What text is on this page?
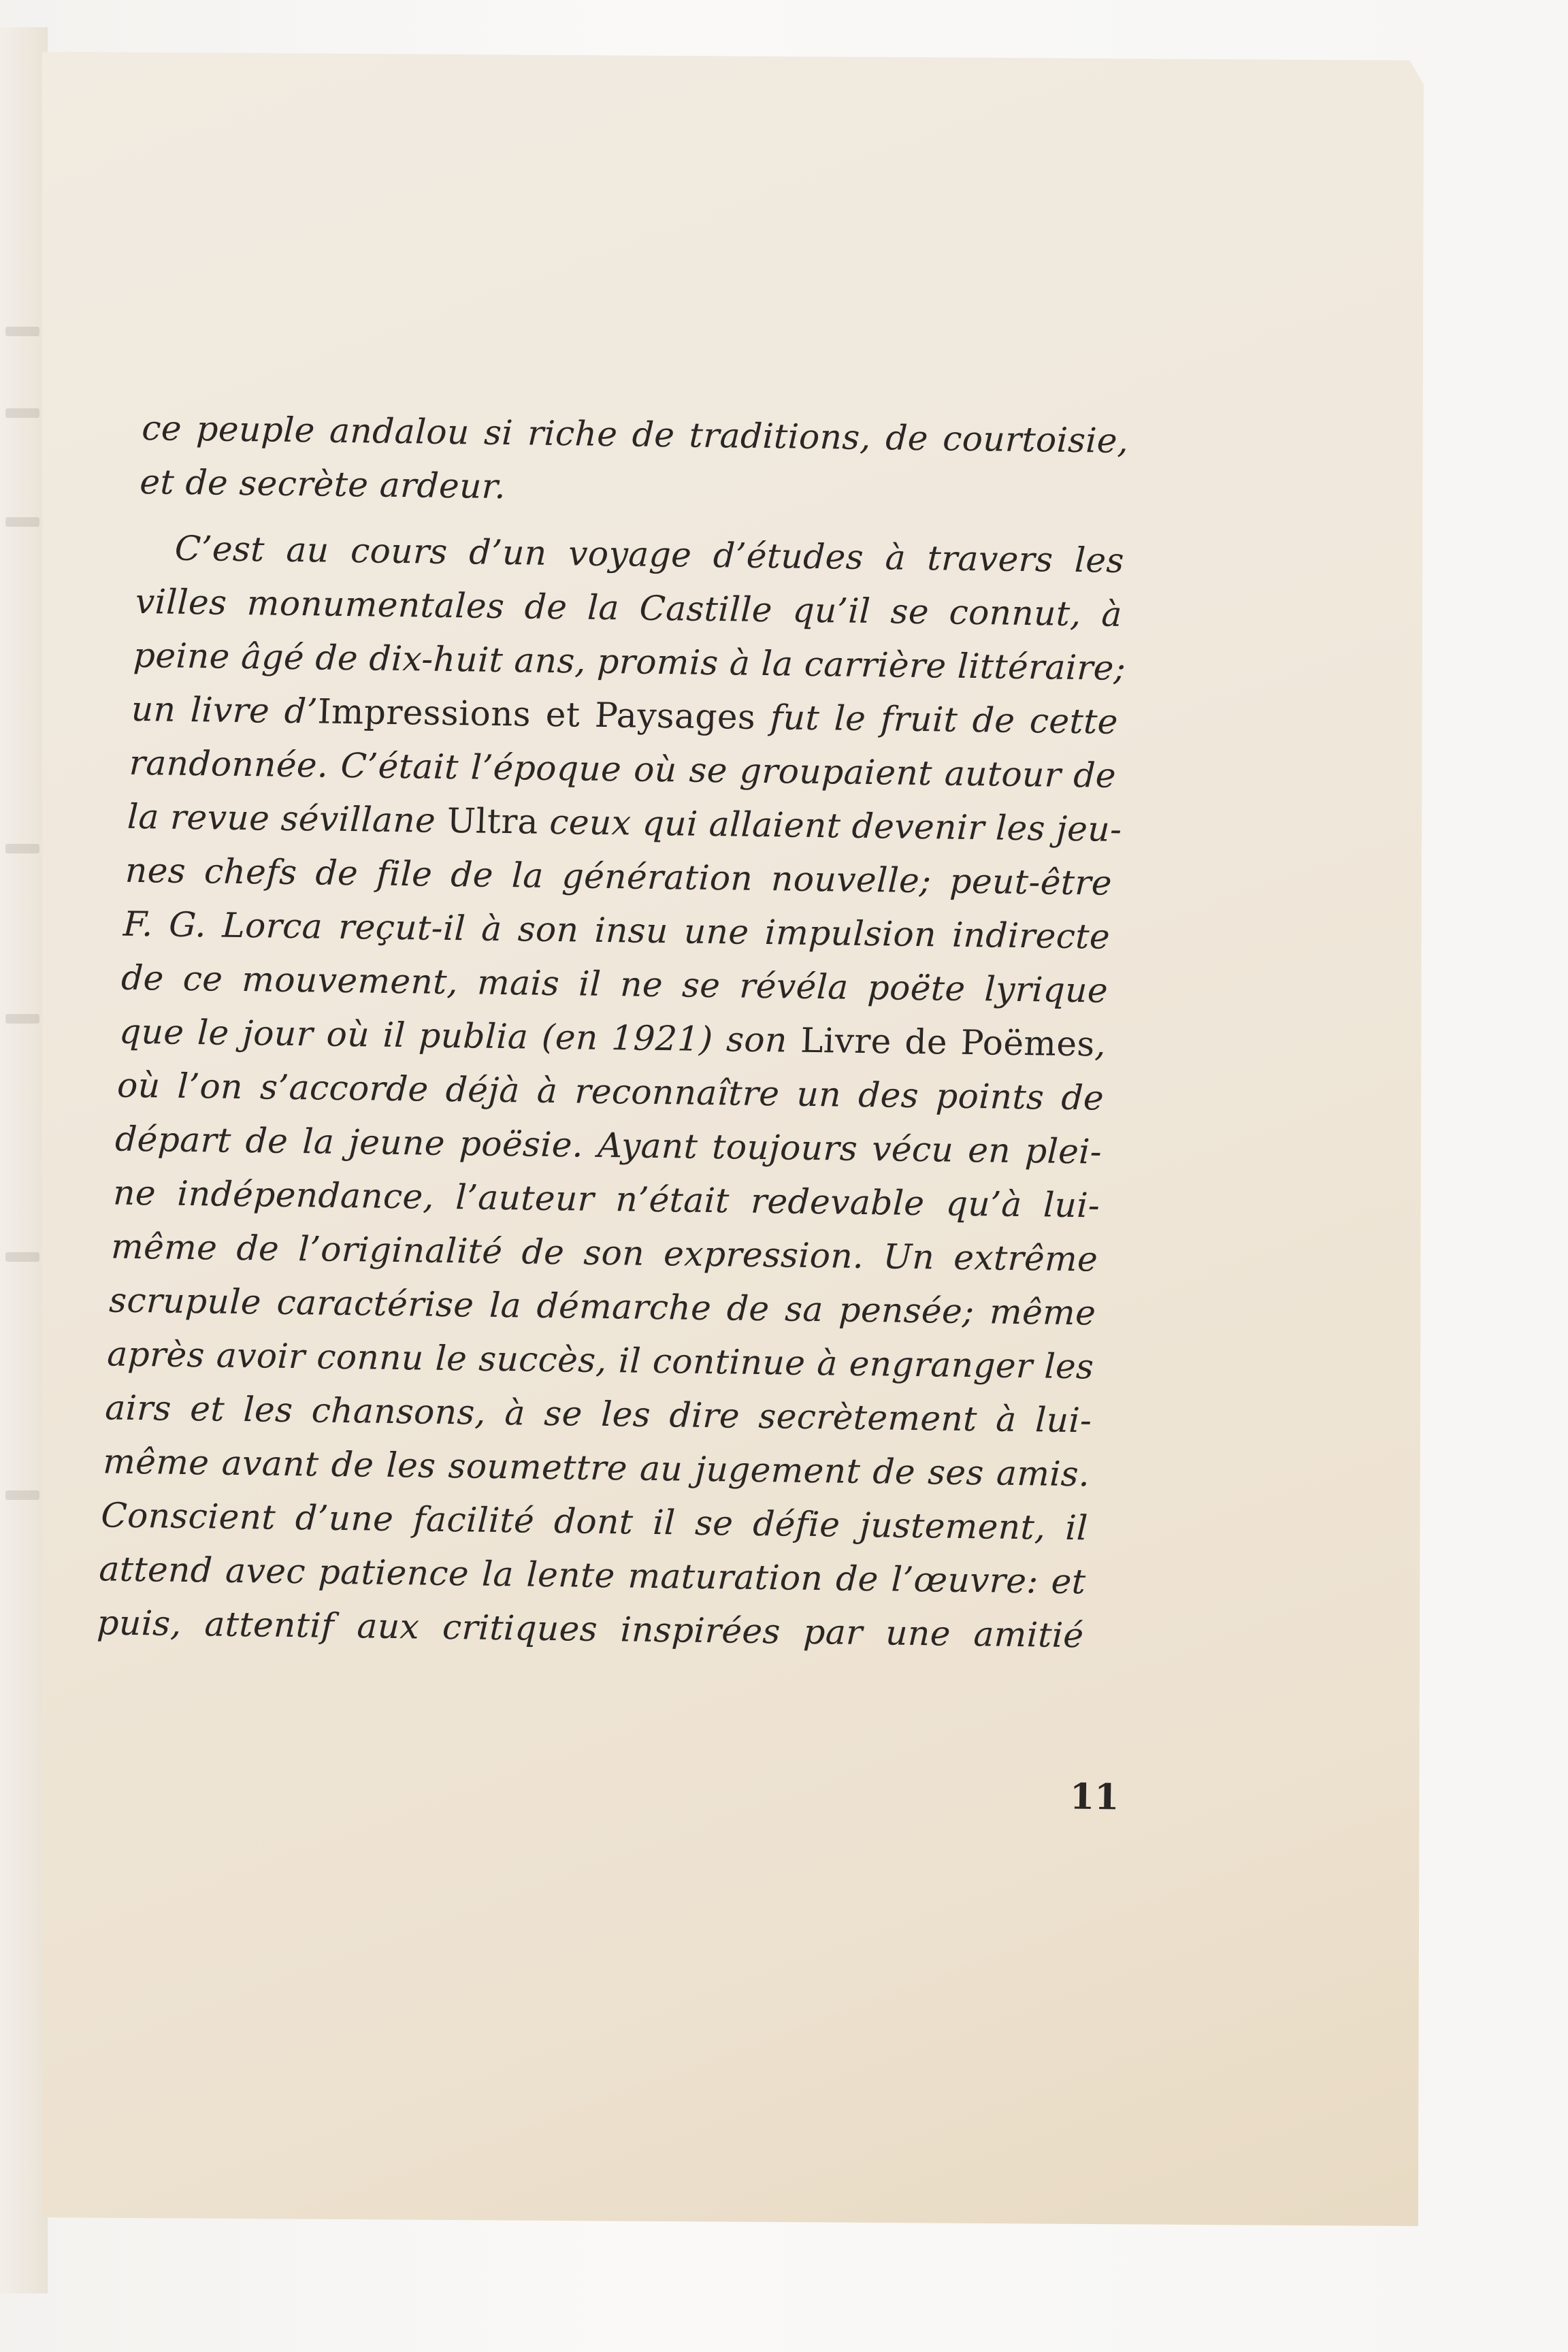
ce peuple andalou si riche de traditions, de courtoisie,
et de secrète ardeur.
C’est au cours d’un voyage d’études à travers les
villes monumentales de la Castille qu’il se connut, à
peine âgé de dix-huit ans, promis à la carrière littéraire;
un livre d’Impressions et Paysages fut le fruit de cette
randonnée. C’était l’époque où se groupaient autour de
la revue sévillane Ultra ceux qui allaient devenir les jeu-
nes chefs de file de la génération nouvelle; peut-être
F. G. Lorca reçut-il à son insu une impulsion indirecte
de ce mouvement, mais il ne se révéla poëte lyrique
que le jour où il publia (en 1921) son Livre de Poëmes,
où l’on s’accorde déjà à reconnaître un des points de
départ de la jeune poësie. Ayant toujours vécu en plei-
ne indépendance, l’auteur n’était redevable qu’à lui-
même de l’originalité de son expression. Un extrême
scrupule caractérise la démarche de sa pensée; même
après avoir connu le succès, il continue à engranger les
airs et les chansons, à se les dire secrètement à lui-
même avant de les soumettre au jugement de ses amis.
Conscient d’une facilité dont il se défie justement, il
attend avec patience la lente maturation de l’œuvre: et
puis, attentif aux critiques inspirées par une amitié
11
